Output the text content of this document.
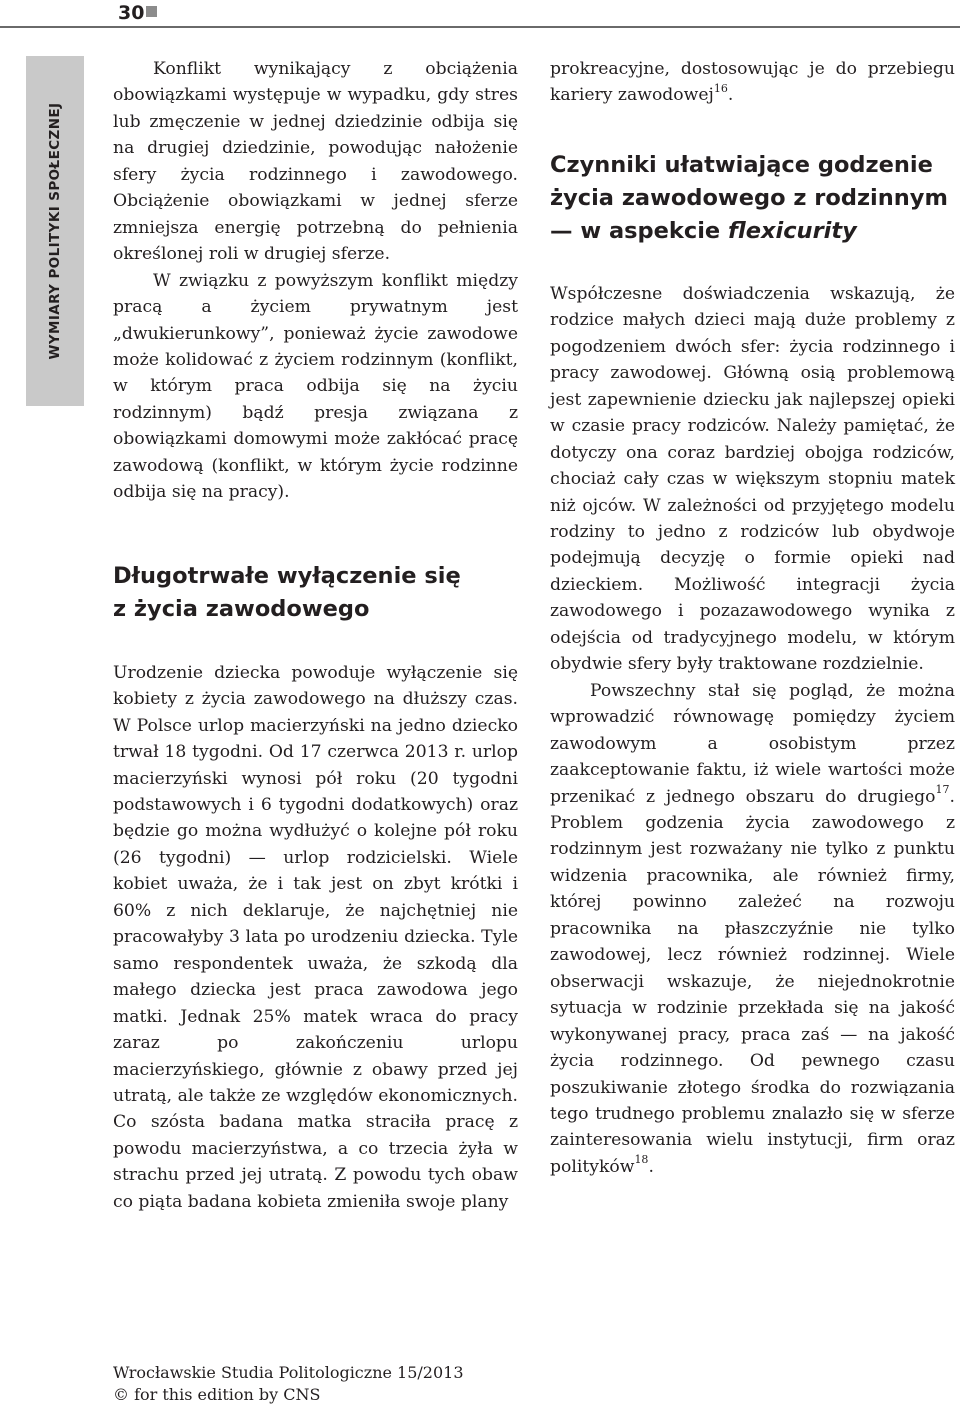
30
WYMIARY POLITYKI SPOŁECZNEJ

Konflikt wynikający z obciążenia obowiązkami występuje w wypadku, gdy stres lub zmęczenie w jednej dziedzinie odbija się na drugiej dziedzinie, powodując nałożenie sfery życia rodzinnego i zawodowego. Obciążenie obowiązkami w jednej sferze zmniejsza energię potrzebną do pełnienia określonej roli w drugiej sferze.

W związku z powyższym konflikt między pracą a życiem prywatnym jest „dwukierunkowy”, ponieważ życie zawodowe może kolidować z życiem rodzinnym (konflikt, w którym praca odbija się na życiu rodzinnym) bądź presja związana z obowiązkami domowymi może zakłócać pracę zawodową (konflikt, w którym życie rodzinne odbija się na pracy).

Długotrwałe wyłączenie się
z życia zawodowego

Urodzenie dziecka powoduje wyłączenie się kobiety z życia zawodowego na dłuższy czas. W Polsce urlop macierzyński na jedno dziecko trwał 18 tygodni. Od 17 czerwca 2013 r. urlop macierzyński wynosi pół roku (20 tygodni podstawowych i 6 tygodni dodatkowych) oraz będzie go można wydłużyć o kolejne pół roku (26 tygodni) — urlop rodzicielski. Wiele kobiet uważa, że i tak jest on zbyt krótki i 60% z nich deklaruje, że najchętniej nie pracowałyby 3 lata po urodzeniu dziecka. Tyle samo respondentek uważa, że szkodą dla małego dziecka jest praca zawodowa jego matki. Jednak 25% matek wraca do pracy zaraz po zakończeniu urlopu macierzyńskiego, głównie z obawy przed jej utratą, ale także ze względów ekonomicznych. Co szósta badana matka straciła pracę z powodu macierzyństwa, a co trzecia żyła w strachu przed jej utratą. Z powodu tych obaw co piąta badana kobieta zmieniła swoje plany

prokreacyjne, dostosowując je do przebiegu kariery zawodowej$^{16}$.

Czynniki ułatwiające godzenie
życia zawodowego z rodzinnym
— w aspekcie flexicurity

Współczesne doświadczenia wskazują, że rodzice małych dzieci mają duże problemy z pogodzeniem dwóch sfer: życia rodzinnego i pracy zawodowej. Główną osią problemową jest zapewnienie dziecku jak najlepszej opieki w czasie pracy rodziców. Należy pamiętać, że dotyczy ona coraz bardziej obojga rodziców, chociaż cały czas w większym stopniu matek niż ojców. W zależności od przyjętego modelu rodziny to jedno z rodziców lub obydwoje podejmują decyzję o formie opieki nad dzieckiem. Możliwość integracji życia zawodowego i pozazawodowego wynika z odejścia od tradycyjnego modelu, w którym obydwie sfery były traktowane rozdzielnie.

Powszechny stał się pogląd, że można wprowadzić równowagę pomiędzy życiem zawodowym a osobistym przez zaakceptowanie faktu, iż wiele wartości może przenikać z jednego obszaru do drugiego$^{17}$. Problem godzenia życia zawodowego z rodzinnym jest rozważany nie tylko z punktu widzenia pracownika, ale również firmy, której powinno zależeć na rozwoju pracownika na płaszczyźnie nie tylko zawodowej, lecz również rodzinnej. Wiele obserwacji wskazuje, że niejednokrotnie sytuacja w rodzinie przekłada się na jakość wykonywanej pracy, praca zaś — na jakość życia rodzinnego. Od pewnego czasu poszukiwanie złotego środka do rozwiązania tego trudnego problemu znalazło się w sferze zainteresowania wielu instytucji, firm oraz polityków$^{18}$.

Wrocławskie Studia Politologiczne 15/2013
© for this edition by CNS
